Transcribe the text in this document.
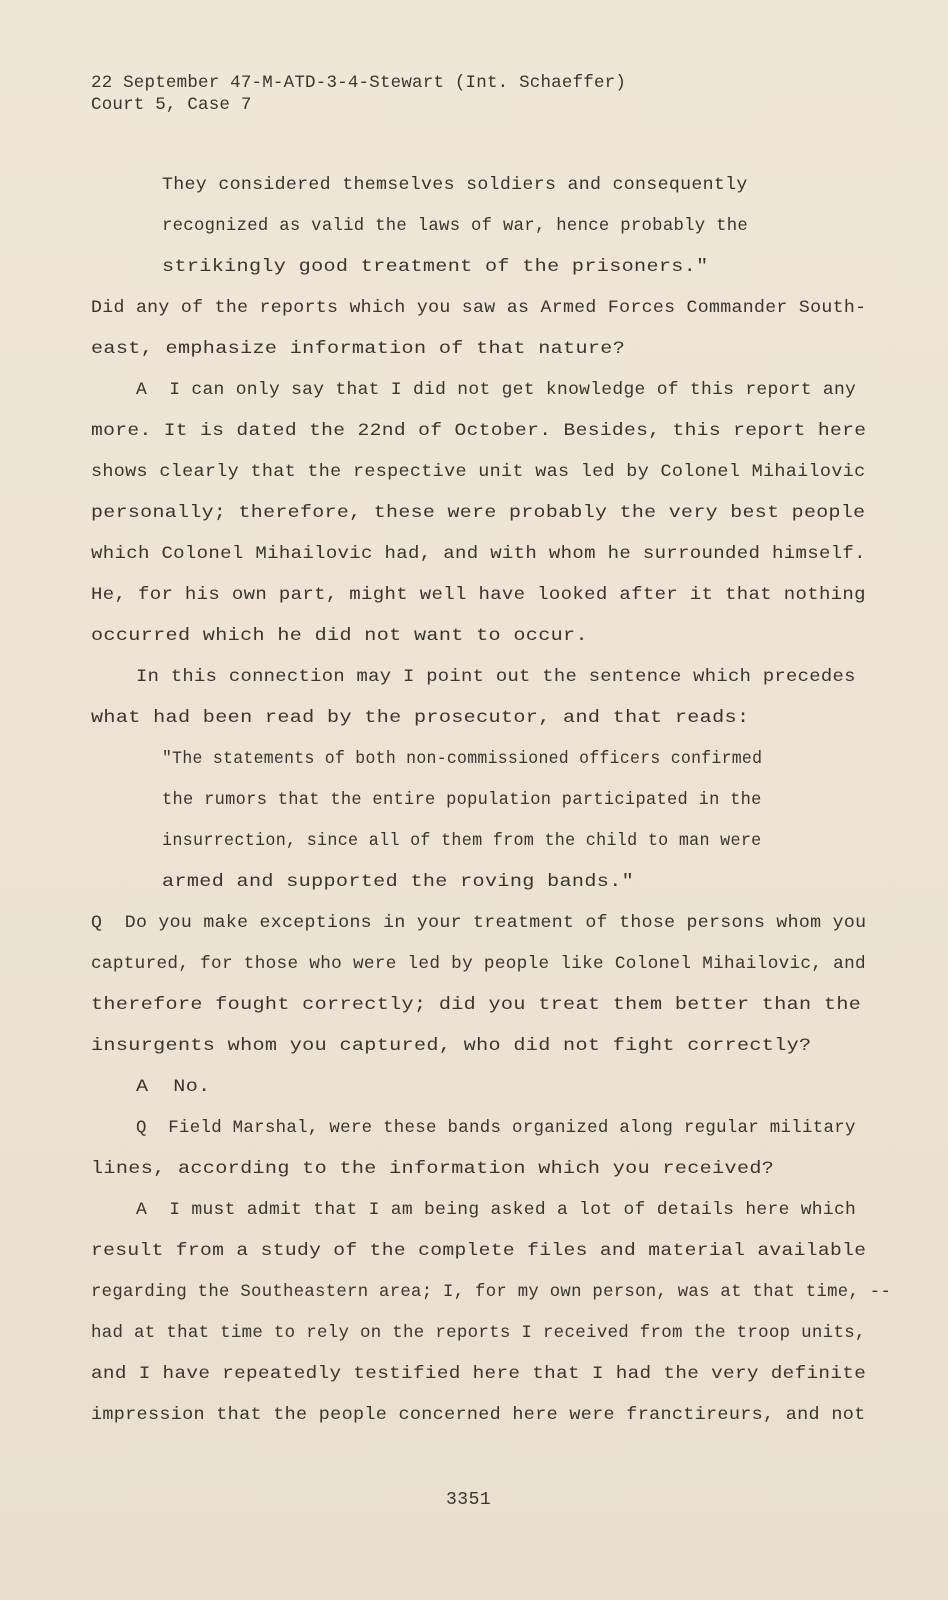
22 September 47-M-ATD-3-4-Stewart (Int. Schaeffer)
Court 5, Case 7
They considered themselves soldiers and consequently
recognized as valid the laws of war, hence probably the
strikingly good treatment of the prisoners."
Did any of the reports which you saw as Armed Forces Commander South-
east, emphasize information of that nature?
A  I can only say that I did not get knowledge of this report any
more. It is dated the 22nd of October. Besides, this report here
shows clearly that the respective unit was led by Colonel Mihailovic
personally; therefore, these were probably the very best people
which Colonel Mihailovic had, and with whom he surrounded himself.
He, for his own part, might well have looked after it that nothing
occurred which he did not want to occur.
In this connection may I point out the sentence which precedes
what had been read by the prosecutor, and that reads:
"The statements of both non-commissioned officers confirmed
the rumors that the entire population participated in the
insurrection, since all of them from the child to man were
armed and supported the roving bands."
Q  Do you make exceptions in your treatment of those persons whom you
captured, for those who were led by people like Colonel Mihailovic, and
therefore fought correctly; did you treat them better than the
insurgents whom you captured, who did not fight correctly?
A  No.
Q  Field Marshal, were these bands organized along regular military
lines, according to the information which you received?
A  I must admit that I am being asked a lot of details here which
result from a study of the complete files and material available
regarding the Southeastern area; I, for my own person, was at that time, --
had at that time to rely on the reports I received from the troop units,
and I have repeatedly testified here that I had the very definite
impression that the people concerned here were franctireurs, and not
3351
